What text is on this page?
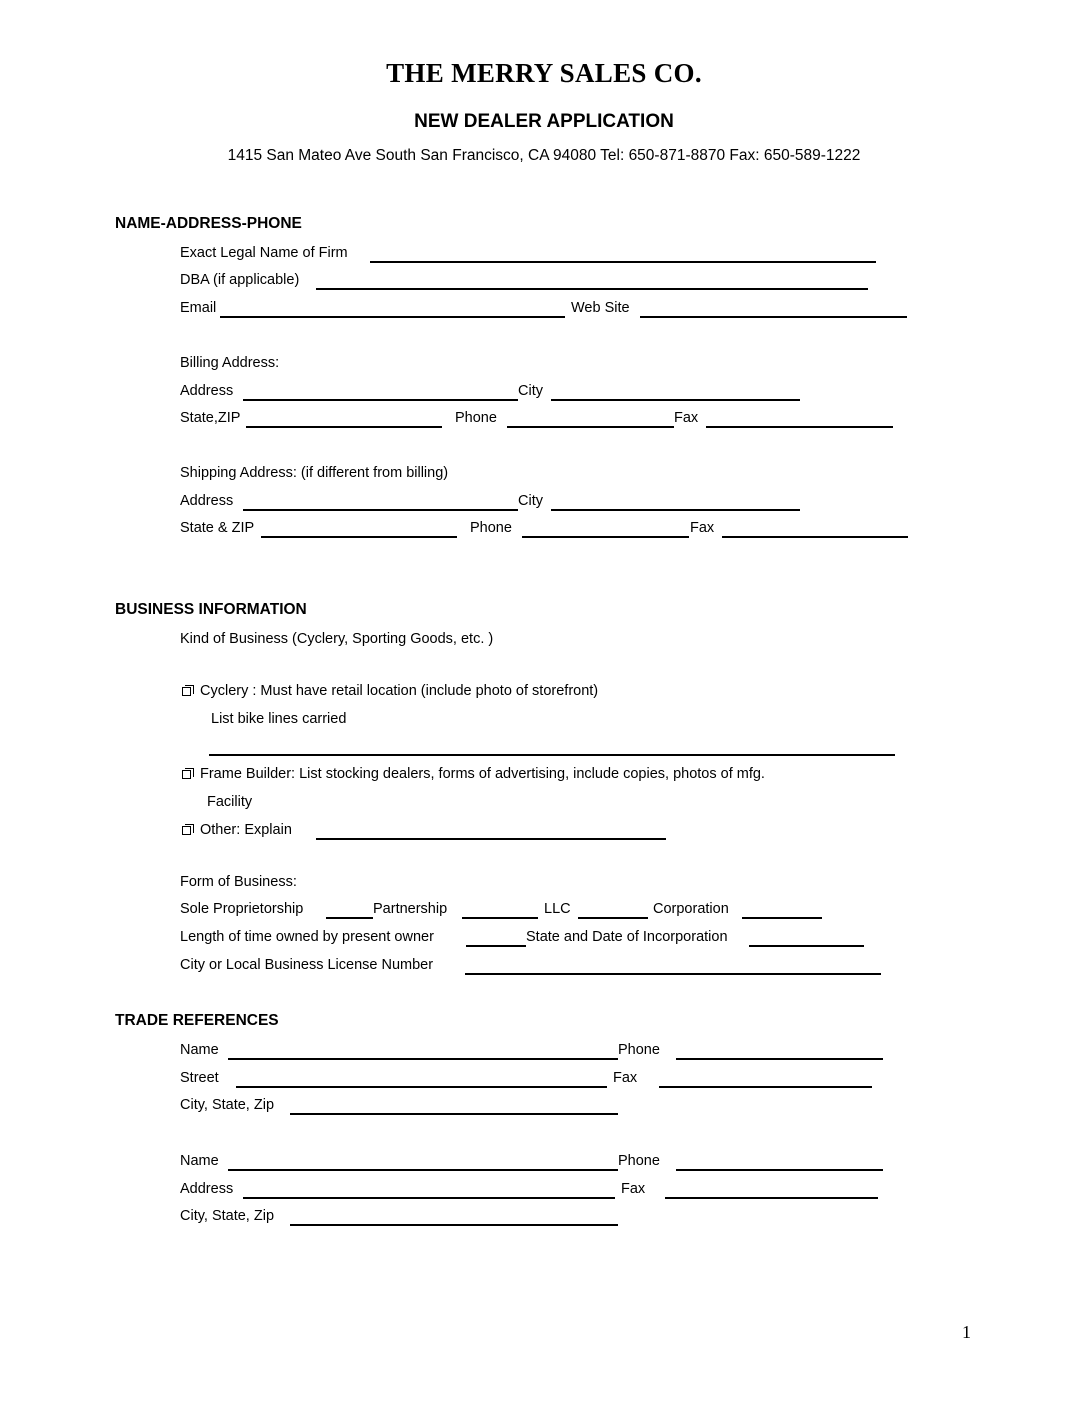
THE MERRY SALES CO.
NEW DEALER APPLICATION
1415 San Mateo Ave South San Francisco, CA 94080 Tel: 650-871-8870 Fax: 650-589-1222
NAME-ADDRESS-PHONE
Exact Legal Name of Firm
DBA (if applicable)
Email	Web Site
Billing Address:
Address	City
State,ZIP	Phone	Fax
Shipping Address: (if different from billing)
Address	City
State & ZIP	Phone	Fax
BUSINESS INFORMATION
Kind of Business (Cyclery, Sporting Goods, etc. )
Cyclery : Must have retail location (include photo of storefront)
List bike lines carried
Frame Builder: List stocking dealers, forms of advertising, include copies, photos of mfg.
Facility
Other: Explain
Form of Business:
Sole Proprietorship	Partnership	LLC	Corporation
Length of time owned by present owner	State and Date of Incorporation
City or Local Business License Number
TRADE REFERENCES
Name	Phone
Street	Fax
City, State, Zip
Name	Phone
Address	Fax
City, State, Zip
1
